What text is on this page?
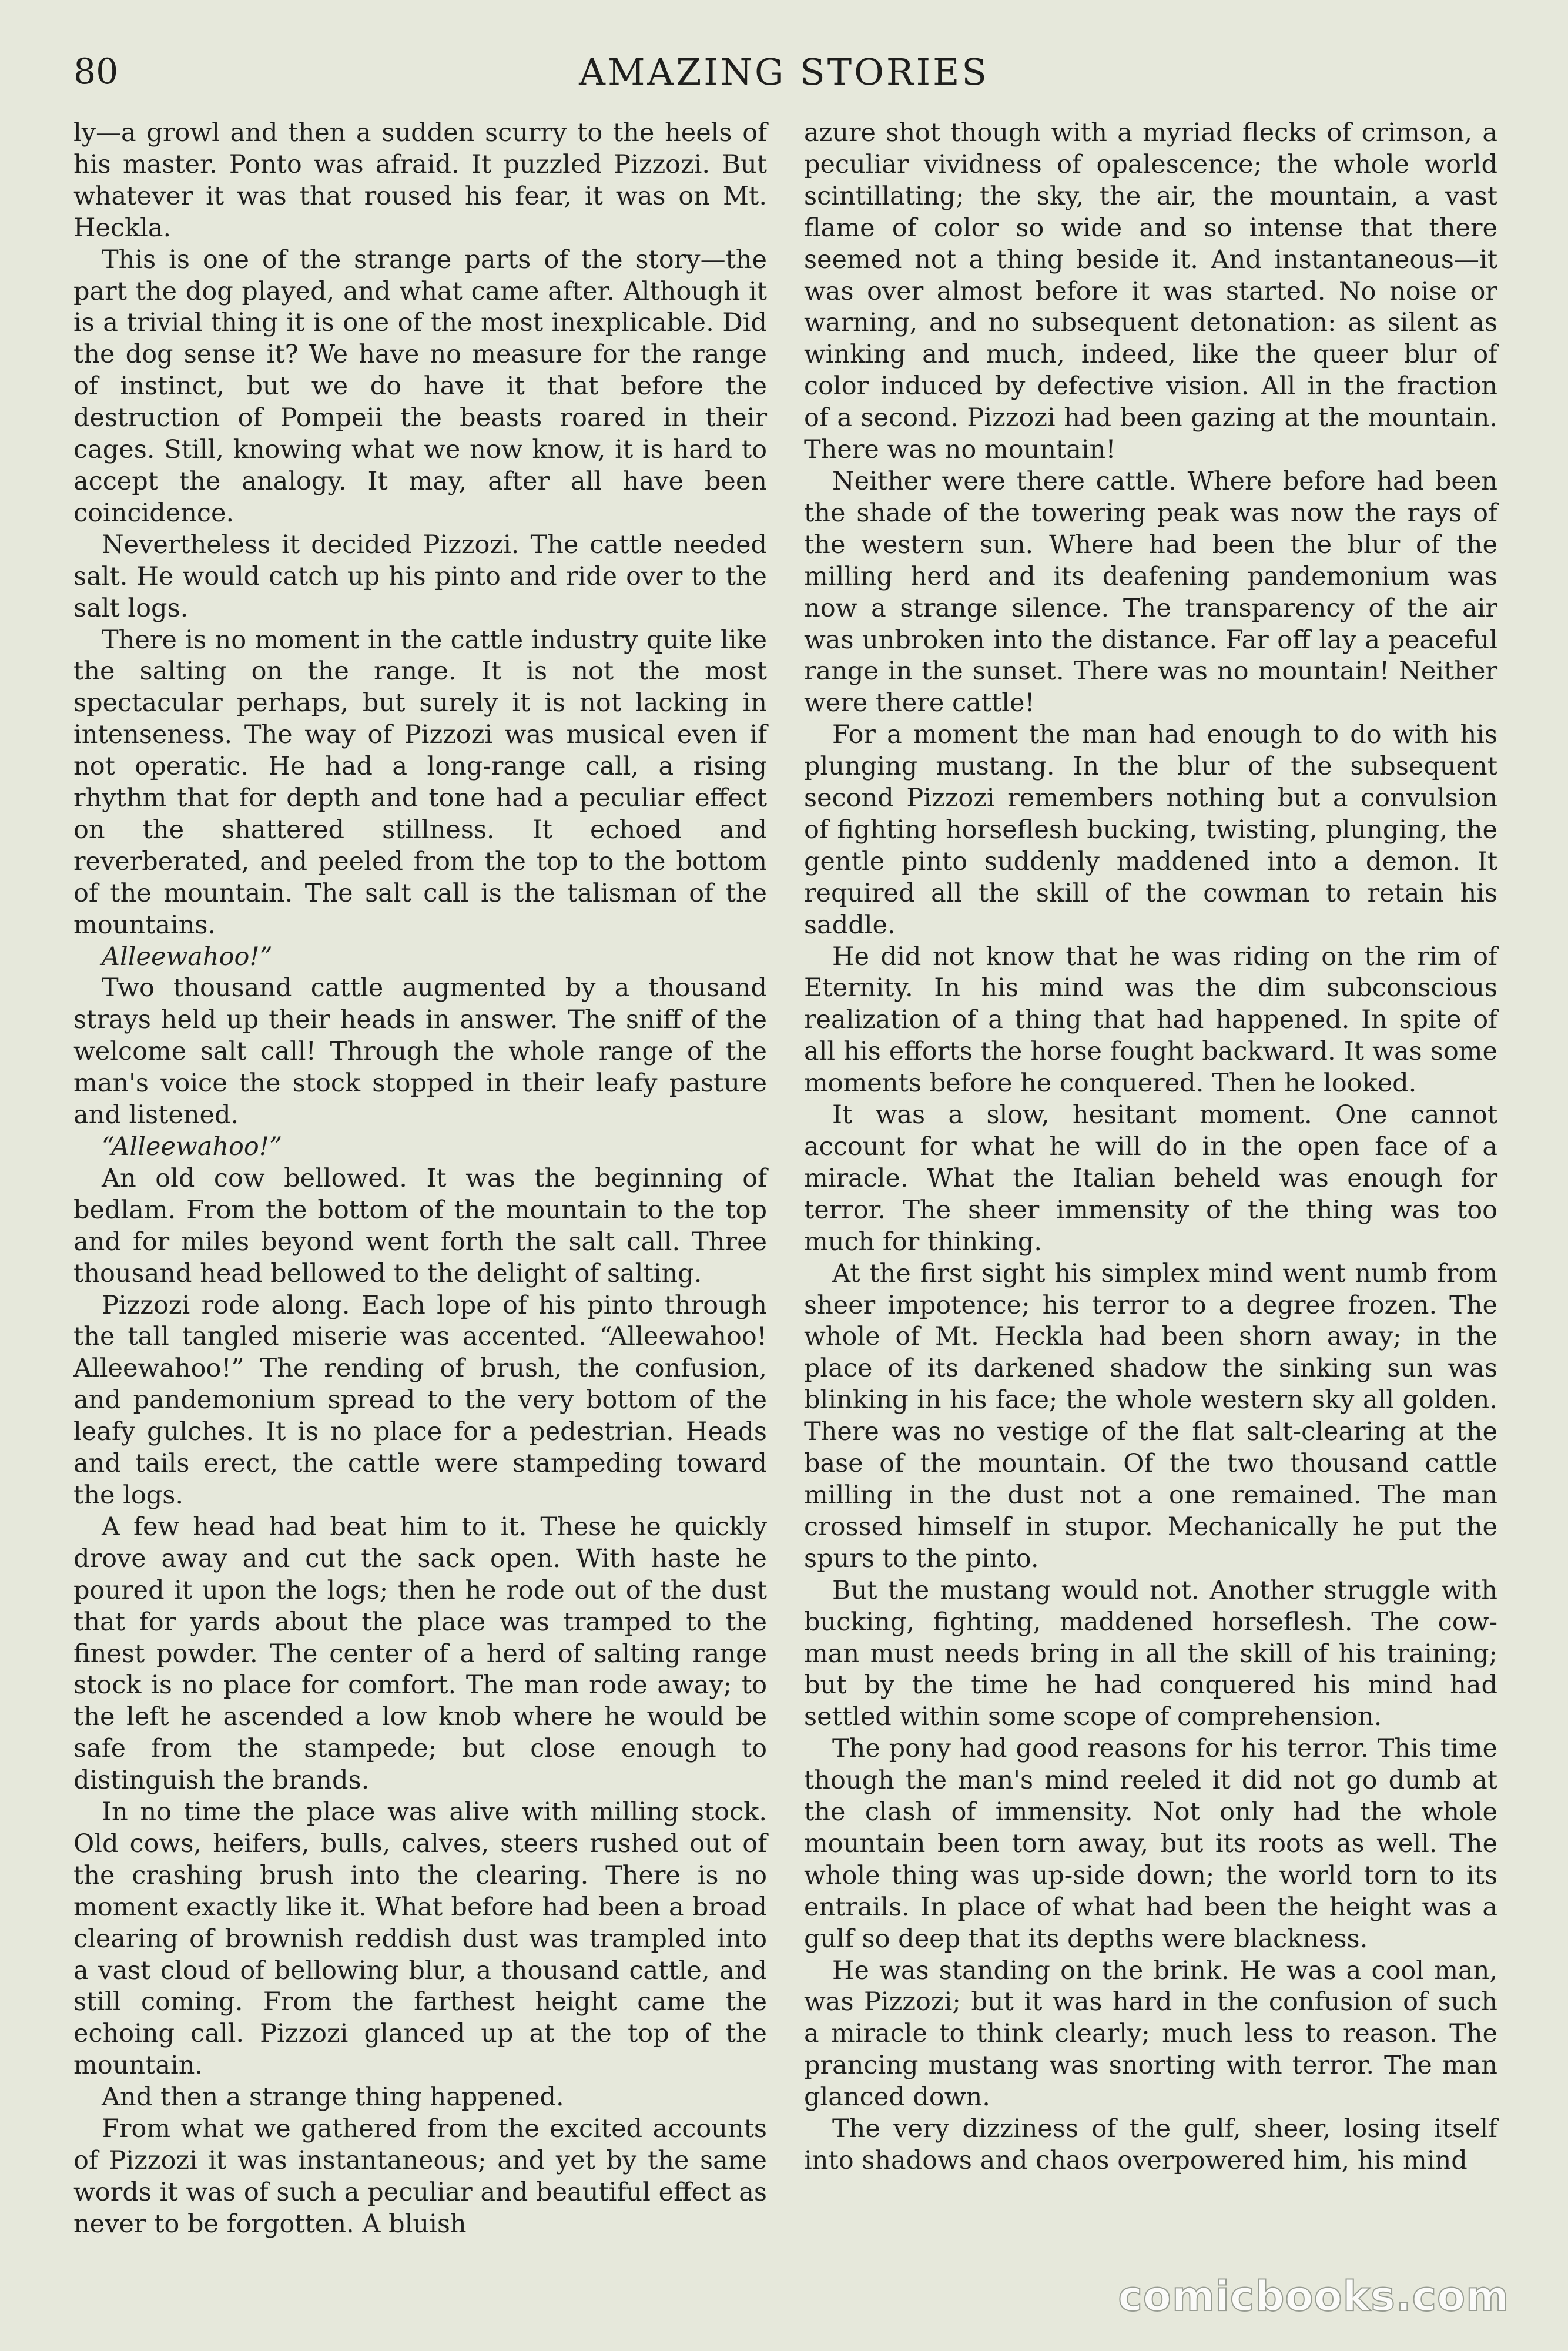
80	AMAZING STORIES

ly—a growl and then a sudden scurry to the heels of his master. Ponto was afraid. It puzzled Pizzozi. But whatever it was that roused his fear, it was on Mt. Heckla.

This is one of the strange parts of the story—the part the dog played, and what came after. Although it is a trivial thing it is one of the most inexplicable. Did the dog sense it? We have no measure for the range of instinct, but we do have it that before the destruction of Pompeii the beasts roared in their cages. Still, knowing what we now know, it is hard to accept the analogy. It may, after all have been coincidence.

Nevertheless it decided Pizzozi. The cattle needed salt. He would catch up his pinto and ride over to the salt logs.

There is no moment in the cattle industry quite like the salting on the range. It is not the most spectacular perhaps, but surely it is not lacking in intenseness. The way of Pizzozi was musical even if not operatic. He had a long-range call, a rising rhythm that for depth and tone had a peculiar effect on the shattered stillness. It echoed and reverberated, and peeled from the top to the bottom of the mountain. The salt call is the talisman of the mountains.

Alleewahoo!”

Two thousand cattle augmented by a thousand strays held up their heads in answer. The sniff of the welcome salt call! Through the whole range of the man's voice the stock stopped in their leafy pasture and listened.

“Alleewahoo!”

An old cow bellowed. It was the beginning of bedlam. From the bottom of the mountain to the top and for miles beyond went forth the salt call. Three thousand head bellowed to the delight of salting.

Pizzozi rode along. Each lope of his pinto through the tall tangled miserie was accented. “Alleewahoo! Alleewahoo!” The rending of brush, the confusion, and pandemonium spread to the very bottom of the leafy gulches. It is no place for a pedestrian. Heads and tails erect, the cattle were stampeding toward the logs.

A few head had beat him to it. These he quickly drove away and cut the sack open. With haste he poured it upon the logs; then he rode out of the dust that for yards about the place was tramped to the finest powder. The center of a herd of salting range stock is no place for comfort. The man rode away; to the left he ascended a low knob where he would be safe from the stampede; but close enough to distinguish the brands.

In no time the place was alive with milling stock. Old cows, heifers, bulls, calves, steers rushed out of the crashing brush into the clearing. There is no moment exactly like it. What before had been a broad clearing of brownish reddish dust was trampled into a vast cloud of bellowing blur, a thousand cattle, and still coming. From the farthest height came the echoing call. Pizzozi glanced up at the top of the mountain.

And then a strange thing happened.

From what we gathered from the excited accounts of Pizzozi it was instantaneous; and yet by the same words it was of such a peculiar and beautiful effect as never to be forgotten. A bluish

azure shot though with a myriad flecks of crimson, a peculiar vividness of opalescence; the whole world scintillating; the sky, the air, the mountain, a vast flame of color so wide and so intense that there seemed not a thing beside it. And instantaneous—it was over almost before it was started. No noise or warning, and no subsequent detonation: as silent as winking and much, indeed, like the queer blur of color induced by defective vision. All in the fraction of a second. Pizzozi had been gazing at the mountain. There was no mountain!

Neither were there cattle. Where before had been the shade of the towering peak was now the rays of the western sun. Where had been the blur of the milling herd and its deafening pandemonium was now a strange silence. The transparency of the air was unbroken into the distance. Far off lay a peaceful range in the sunset. There was no mountain! Neither were there cattle!

For a moment the man had enough to do with his plunging mustang. In the blur of the subsequent second Pizzozi remembers nothing but a convulsion of fighting horseflesh bucking, twisting, plunging, the gentle pinto suddenly maddened into a demon. It required all the skill of the cowman to retain his saddle.

He did not know that he was riding on the rim of Eternity. In his mind was the dim subconscious realization of a thing that had happened. In spite of all his efforts the horse fought backward. It was some moments before he conquered. Then he looked.

It was a slow, hesitant moment. One cannot account for what he will do in the open face of a miracle. What the Italian beheld was enough for terror. The sheer immensity of the thing was too much for thinking.

At the first sight his simplex mind went numb from sheer impotence; his terror to a degree frozen. The whole of Mt. Heckla had been shorn away; in the place of its darkened shadow the sinking sun was blinking in his face; the whole western sky all golden. There was no vestige of the flat salt-clearing at the base of the mountain. Of the two thousand cattle milling in the dust not a one remained. The man crossed himself in stupor. Mechanically he put the spurs to the pinto.

But the mustang would not. Another struggle with bucking, fighting, maddened horseflesh. The cow-man must needs bring in all the skill of his training; but by the time he had conquered his mind had settled within some scope of comprehension.

The pony had good reasons for his terror. This time though the man's mind reeled it did not go dumb at the clash of immensity. Not only had the whole mountain been torn away, but its roots as well. The whole thing was up-side down; the world torn to its entrails. In place of what had been the height was a gulf so deep that its depths were blackness.

He was standing on the brink. He was a cool man, was Pizzozi; but it was hard in the confusion of such a miracle to think clearly; much less to reason. The prancing mustang was snorting with terror. The man glanced down.

The very dizziness of the gulf, sheer, losing itself into shadows and chaos overpowered him, his mind

comicbooks.com
